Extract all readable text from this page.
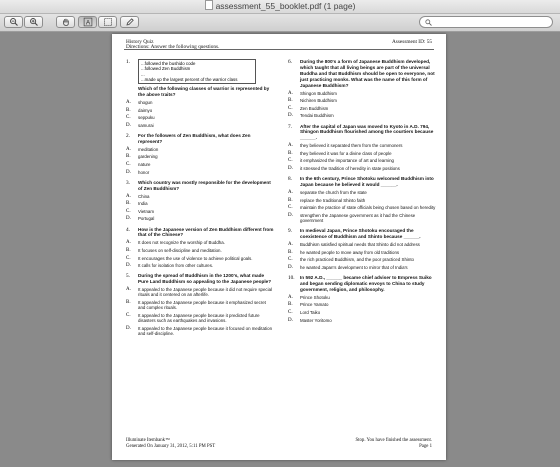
assessment_55_booklet.pdf (1 page)
A
History Quiz
Directions: Answer the following questions.
Assessment ID: 55
1.	...followed the bushido code
...followed Zen Buddhism
...
...made up the largest percent of the warrior class
Which of the following classes of warrior is represented by the above traits?
A. shogun
B. daimyo
C. seppuku
D. samurai
2. For the followers of Zen Buddhism, what does Zen represent?
A. meditation
B. gardening
C. nature
D. honor
3. Which country was mostly responsible for the development of Zen Buddhism?
A. China
B. India
C. Vietnam
D. Portugal
4. How is the Japanese version of Zen Buddhism different from that of the Chinese?
A. It does not recognize the worship of Buddha.
B. It focuses on self-discipline and meditation.
C. It encourages the use of violence to achieve political goals.
D. It calls for isolation from other cultures.
5. During the spread of Buddhism in the 1200's, what made Pure Land Buddhism so appealing to the Japanese people?
A. It appealed to the Japanese people because it did not require special rituals and it centered on an afterlife.
B. It appealed to the Japanese people because it emphasized secret and complex rituals.
C. It appealed to the Japanese people because it predicted future disasters such as earthquakes and invasions.
D. It appealed to the Japanese people because it focused on meditation and self-discipline.
6. During the 800's a form of Japanese Buddhism developed, which taught that all living beings are part of the universal Buddha and that Buddhism should be open to everyone, not just practicing monks. What was the name of this form of Japanese Buddhism?
A. Shingon Buddhism
B. Nichiren Buddhism
C. Zen Buddhism
D. Tendai Buddhism
7. After the capital of Japan was moved to Kyoto in A.D. 794, Shingon Buddhism flourished among the courtiers because ______.
A. they believed it separated them from the commoners
B. they believed it was for a divine class of people
C. it emphasized the importance of art and learning
D. it stressed the tradition of heredity in state positions
8. In the 6th century, Prince Shotoku welcomed Buddhism into Japan because he believed it would ______.
A. separate the church from the state
B. replace the traditional Shinto faith
C. maintain the practice of state officials being chosen based on heredity
D. strengthen the Japanese government as it had the Chinese government
9. In medieval Japan, Prince Shotoku encouraged the coexistence of Buddhism and Shinto because ______.
A. Buddhism satisfied spiritual needs that Shinto did not address
B. he wanted people to move away from old traditions
C. the rich practiced Buddhism, and the poor practiced Shinto
D. he wanted Japan's development to mirror that of India's
10. In 592 A.D., ______ became chief adviser to Empress Suiko and began sending diplomatic envoys to China to study government, religion, and philosophy.
A. Prince Shotoku
B. Prince Yamato
C. Lord Taiko
D. Master Yoritomo
Illuminate Itembank™
Generated On January 31, 2012, 5:11 PM PST
Stop. You have finished the assessment.
Page 1
